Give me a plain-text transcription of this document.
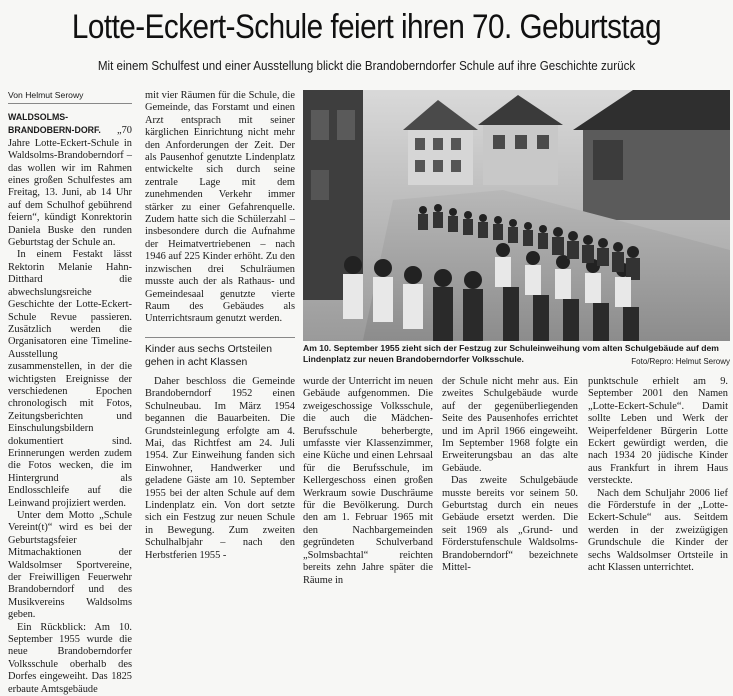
Lotte-Eckert-Schule feiert ihren 70. Geburtstag
Mit einem Schulfest und einer Ausstellung blickt die Brandoberndorfer Schule auf ihre Geschichte zurück
Von Helmut Serowy

WALDSOLMS-BRANDOBERN-DORF. „70 Jahre Lotte-Eckert-Schule in Waldsolms-Brandoberndorf – das wollen wir im Rahmen eines großen Schulfestes am Freitag, 13. Juni, ab 14 Uhr auf dem Schulhof gebührend feiern“, kündigt Konrektorin Daniela Buske den runden Geburtstag der Schule an.

In einem Festakt lässt Rektorin Melanie Hahn-Ditthard die abwechslungsreiche Geschichte der Lotte-Eckert-Schule Revue passieren. Zusätzlich werden die Organisatoren eine Timeline-Ausstellung zusammenstellen, in der die wichtigsten Ereignisse der verschiedenen Epochen chronologisch mit Fotos, Zeitungsberichten und Einschulungsbildern dokumentiert sind. Erinnerungen werden zudem die Fotos wecken, die im Hintergrund als Endlosschleife auf die Leinwand projiziert werden.

Unter dem Motto „Schule Vereint(t)“ wird es bei der Geburtstagsfeier Mitmachaktionen der Waldsolmser Sportvereine, der Freiwilligen Feuerwehr Brandoberndorf und des Musikvereins Waldsolms geben.

Ein Rückblick: Am 10. September 1955 wurde die neue Brandoberndorfer Volksschule oberhalb des Dorfes eingeweiht. Das 1825 erbaute Amtsgebäude

mit vier Räumen für die Schule, die Gemeinde, das Forstamt und einen Arzt entsprach mit seiner kärglichen Einrichtung nicht mehr den Anforderungen der Zeit. Der als Pausenhof genutzte Lindenplatz entwickelte sich durch seine zentrale Lage mit dem zunehmenden Verkehr immer stärker zu einer Gefahrenquelle. Zudem hatte sich die Schülerzahl – insbesondere durch die Aufnahme der Heimatvertriebenen – nach 1946 auf 225 Kinder erhöht. Zu den inzwischen drei Schulräumen musste auch der als Rathaus- und Gemeindesaal genutzte vierte Raum des Gebäudes als Unterrichtsraum genutzt werden.

Kinder aus sechs Ortsteilen gehen in acht Klassen

Daher beschloss die Gemeinde Brandoberndorf 1952 einen Schulneubau. Im März 1954 begannen die Bauarbeiten. Die Grundsteinlegung erfolgte am 4. Mai, das Richtfest am 24. Juli 1954. Zur Einweihung fanden sich Einwohner, Handwerker und geladene Gäste am 10. September 1955 bei der alten Schule auf dem Lindenplatz ein. Von dort setzte sich ein Festzug zur neuen Schule in Bewegung. Zum zweiten Schulhalbjahr – nach den Herbstferien 1955 -

Am 10. September 1955 zieht sich der Festzug zur Schuleinweihung vom alten Schulgebäude auf dem Lindenplatz zur neuen Brandoberndorfer Volksschule.	Foto/Repro: Helmut Serowy

wurde der Unterricht im neuen Gebäude aufgenommen. Die zweigeschossige Volksschule, die auch die Mädchen-Berufsschule beherbergte, umfasste vier Klassenzimmer, eine Küche und einen Lehrsaal für die Berufsschule, im Kellergeschoss einen großen Werkraum sowie Duschräume für die Bevölkerung. Durch den am 1. Februar 1965 mit den Nachbargemeinden gegründeten Schulverband „Solmsbachtal“ reichten bereits zehn Jahre später die Räume in

der Schule nicht mehr aus. Ein zweites Schulgebäude wurde auf der gegenüberliegenden Seite des Pausenhofes errichtet und im April 1966 eingeweiht. Im September 1968 folgte ein Erweiterungsbau an das alte Gebäude.

Das zweite Schulgebäude musste bereits vor seinem 50. Geburtstag durch ein neues Gebäude ersetzt werden. Die seit 1969 als „Grund- und Förderstufenschule Waldsolms-Brandoberndorf“ bezeichnete Mittel-

punktschule erhielt am 9. September 2001 den Namen „Lotte-Eckert-Schule“. Damit sollte Leben und Werk der Weiperfeldener Bürgerin Lotte Eckert gewürdigt werden, die nach 1934 20 jüdische Kinder aus Frankfurt in ihrem Haus versteckte.

Nach dem Schuljahr 2006 lief die Förderstufe in der „Lotte-Eckert-Schule“ aus. Seitdem werden in der zweizügigen Grundschule die Kinder der sechs Waldsolmser Ortsteile in acht Klassen unterrichtet.
